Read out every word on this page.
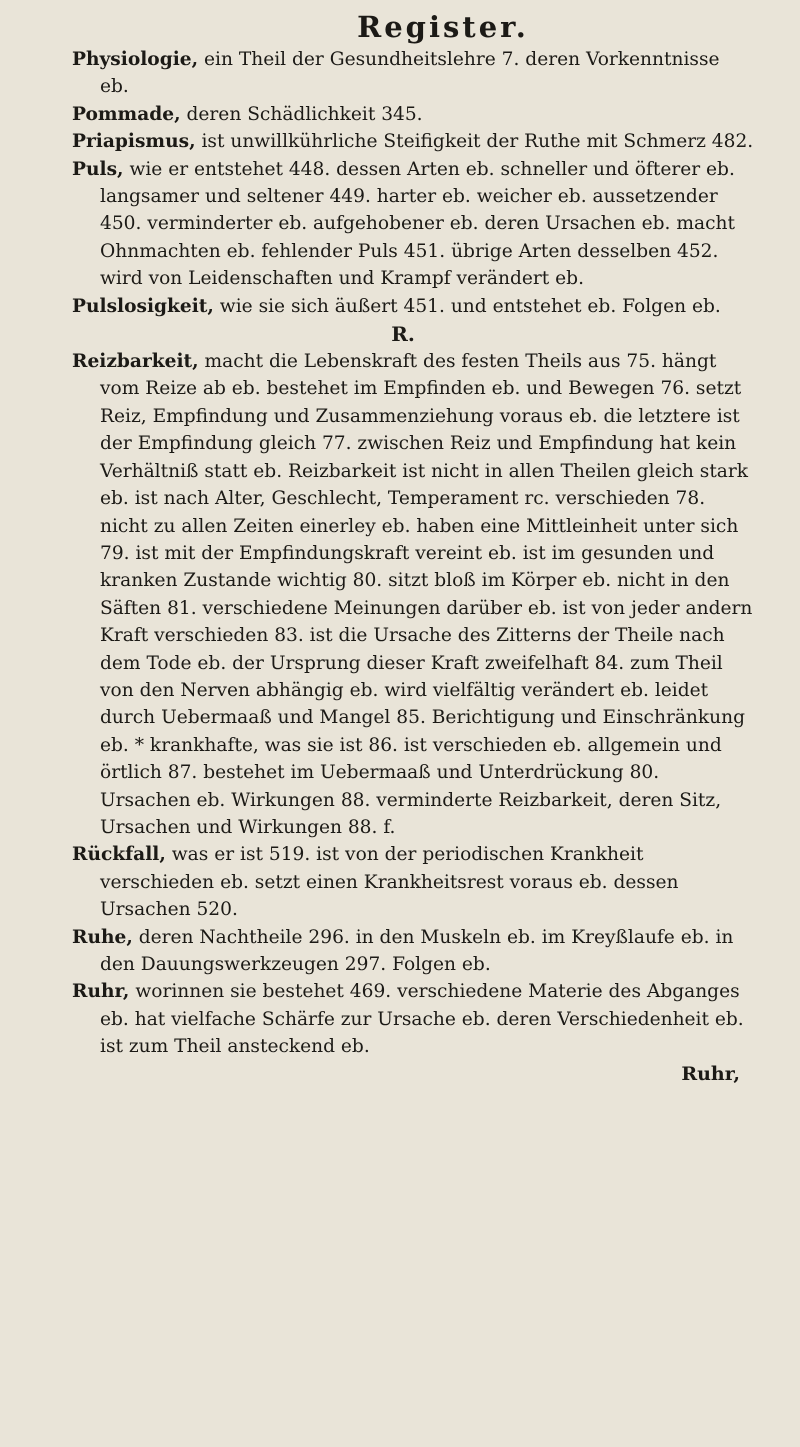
Register.

Physiologie, ein Theil der Gesundheitslehre 7. deren Vorkenntnisse eb.

Pommade, deren Schädlichkeit 345.

Priapismus, ist unwillkührliche Steifigkeit der Ruthe mit Schmerz 482.

Puls, wie er entstehet 448. dessen Arten eb. schneller und öfterer eb. langsamer und seltener 449. harter eb. weicher eb. aussetzender 450. verminderter eb. aufgehobener eb. deren Ursachen eb. macht Ohnmachten eb. fehlender Puls 451. übrige Arten desselben 452. wird von Leidenschaften und Krampf verändert eb.

Pulslosigkeit, wie sie sich äußert 451. und entstehet eb. Folgen eb.

R.

Reizbarkeit, macht die Lebenskraft des festen Theils aus 75. hängt vom Reize ab eb. bestehet im Empfinden eb. und Bewegen 76. setzt Reiz, Empfindung und Zusammenziehung voraus eb. die letztere ist der Empfindung gleich 77. zwischen Reiz und Empfindung hat kein Verhältniß statt eb. Reizbarkeit ist nicht in allen Theilen gleich stark eb. ist nach Alter, Geschlecht, Temperament rc. verschieden 78. nicht zu allen Zeiten einerley eb. haben eine Mittleinheit unter sich 79. ist mit der Empfindungskraft vereint eb. ist im gesunden und kranken Zustande wichtig 80. sitzt bloß im Körper eb. nicht in den Säften 81. verschiedene Meinungen darüber eb. ist von jeder andern Kraft verschieden 83. ist die Ursache des Zitterns der Theile nach dem Tode eb. der Ursprung dieser Kraft zweifelhaft 84. zum Theil von den Nerven abhängig eb. wird vielfältig verändert eb. leidet durch Uebermaaß und Mangel 85. Berichtigung und Einschränkung eb. * krankhafte, was sie ist 86. ist verschieden eb. allgemein und örtlich 87. bestehet im Uebermaaß und Unterdrückung 80. Ursachen eb. Wirkungen 88. verminderte Reizbarkeit, deren Sitz, Ursachen und Wirkungen 88. f.

Rückfall, was er ist 519. ist von der periodischen Krankheit verschieden eb. setzt einen Krankheitsrest voraus eb. dessen Ursachen 520.

Ruhe, deren Nachtheile 296. in den Muskeln eb. im Kreyßlaufe eb. in den Dauungswerkzeugen 297. Folgen eb.

Ruhr, worinnen sie bestehet 469. verschiedene Materie des Abganges eb. hat vielfache Schärfe zur Ursache eb. deren Verschiedenheit eb. ist zum Theil ansteckend eb.

Ruhr,
